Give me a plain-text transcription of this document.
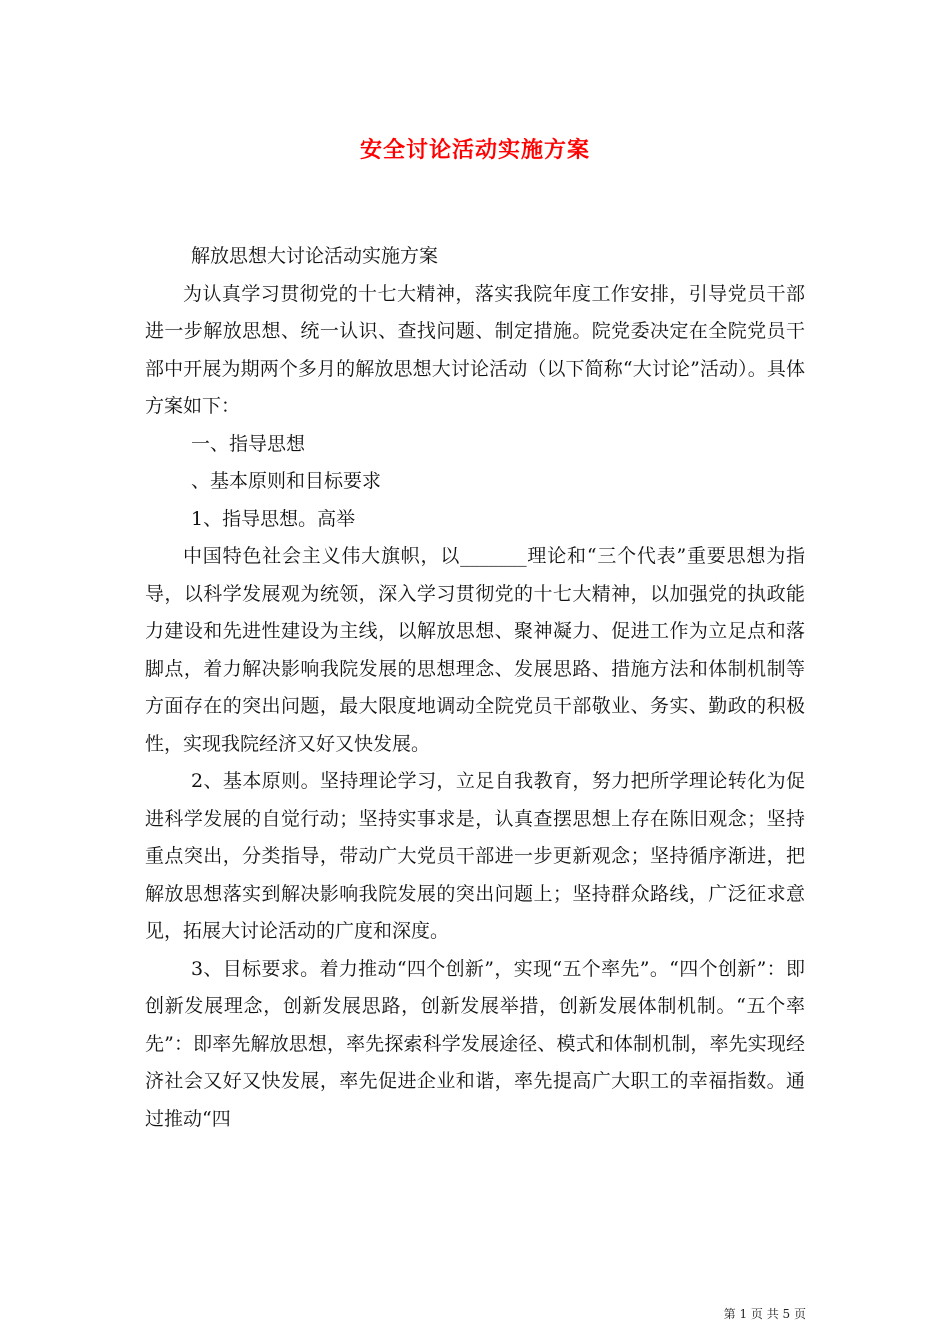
安全讨论活动实施方案

解放思想大讨论活动实施方案

为认真学习贯彻党的十七大精神，落实我院年度工作安排，引导党员干部进一步解放思想、统一认识、查找问题、制定措施。院党委决定在全院党员干部中开展为期两个多月的解放思想大讨论活动（以下简称“大讨论”活动）。具体方案如下：

一、指导思想

、基本原则和目标要求

1、指导思想。高举

中国特色社会主义伟大旗帜，以_______理论和“三个代表”重要思想为指导，以科学发展观为统领，深入学习贯彻党的十七大精神，以加强党的执政能力建设和先进性建设为主线，以解放思想、聚神凝力、促进工作为立足点和落脚点，着力解决影响我院发展的思想理念、发展思路、措施方法和体制机制等方面存在的突出问题，最大限度地调动全院党员干部敬业、务实、勤政的积极性，实现我院经济又好又快发展。

2、基本原则。坚持理论学习，立足自我教育，努力把所学理论转化为促进科学发展的自觉行动；坚持实事求是，认真查摆思想上存在陈旧观念；坚持重点突出，分类指导，带动广大党员干部进一步更新观念；坚持循序渐进，把解放思想落实到解决影响我院发展的突出问题上；坚持群众路线，广泛征求意见，拓展大讨论活动的广度和深度。

3、目标要求。着力推动“四个创新”，实现“五个率先”。“四个创新”：即创新发展理念，创新发展思路，创新发展举措，创新发展体制机制。“五个率先”：即率先解放思想，率先探索科学发展途径、模式和体制机制，率先实现经济社会又好又快发展，率先促进企业和谐，率先提高广大职工的幸福指数。通过推动“四

第 1 页 共 5 页
